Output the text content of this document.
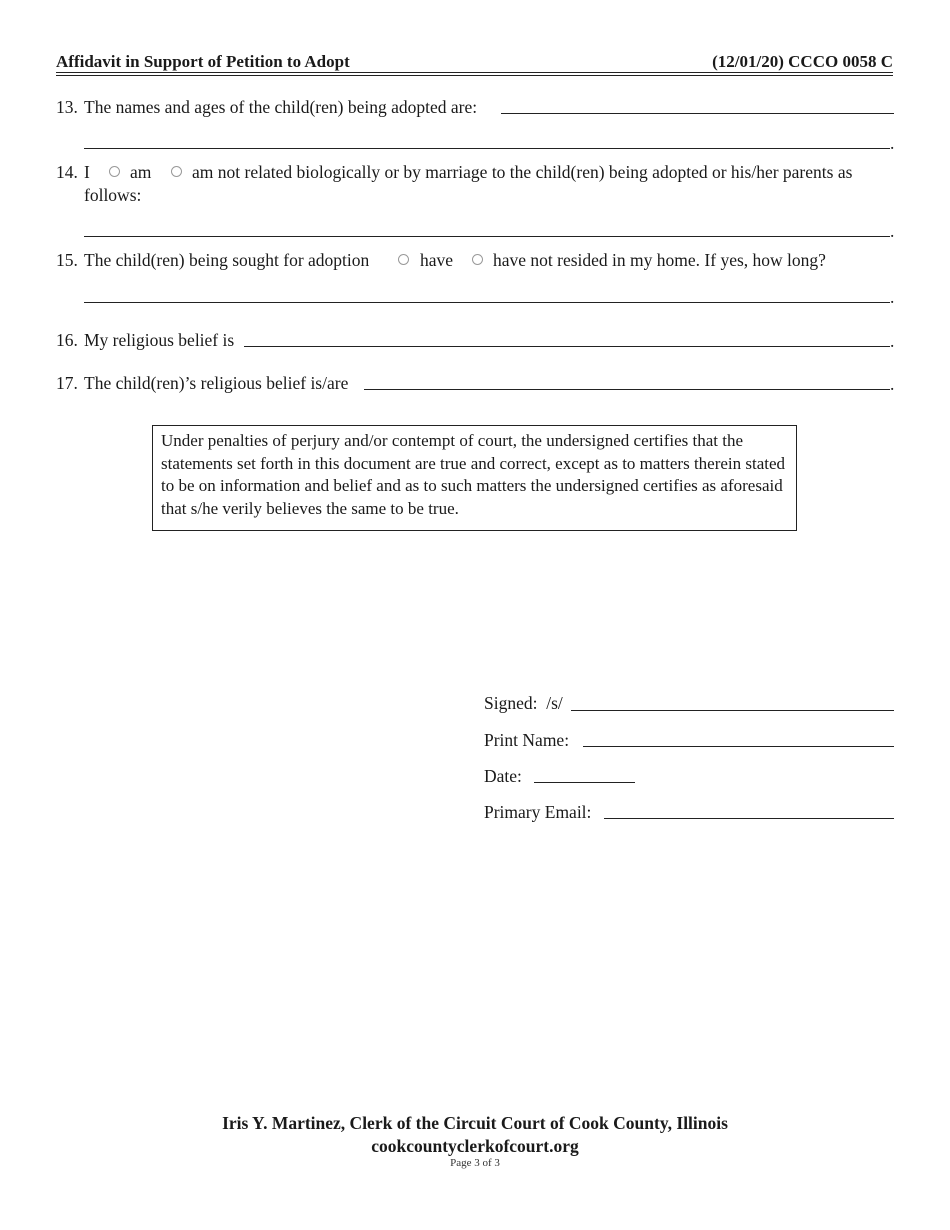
Affidavit in Support of Petition to Adopt	(12/01/20) CCCO 0058 C
13. The names and ages of the child(ren) being adopted are:
.
14. I am am not related biologically or by marriage to the child(ren) being adopted or his/her parents as
follows:
.
15. The child(ren) being sought for adoption	have have not resided in my home. If yes, how long?
.
16. My religious belief is	.
17. The child(ren)’s religious belief is/are	.
Under penalties of perjury and/or contempt of court, the undersigned certifies that the statements set forth in this document are true and correct, except as to matters therein stated to be on information and belief and as to such matters the undersigned certifies as aforesaid that s/he verily believes the same to be true.
Signed: /s/
Print Name:
Date:
Primary Email:
Iris Y. Martinez, Clerk of the Circuit Court of Cook County, Illinois
cookcountyclerkofcourt.org
Page 3 of 3
